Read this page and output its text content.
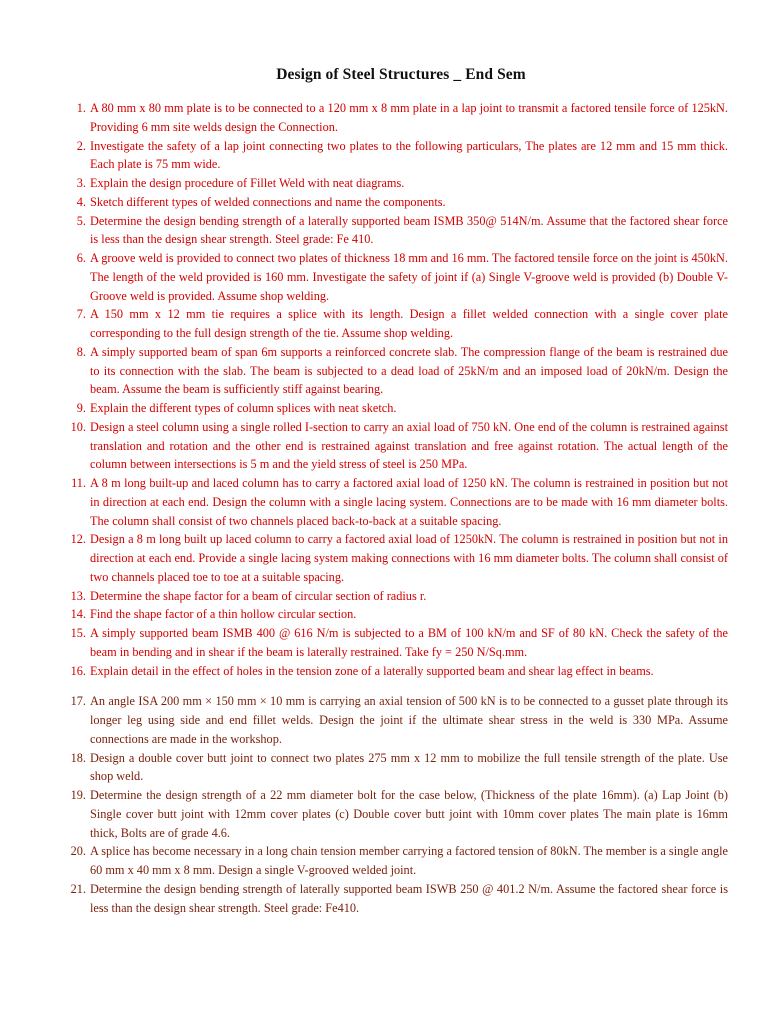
Design of Steel Structures _ End Sem
1 . A 80 mm x 80 mm plate is to be connected to a 120 mm x 8 mm plate in a lap joint to transmit a factored tensile force of 125kN. Providing 6 mm site welds design the Connection.
2 . Investigate the safety of a lap joint connecting two plates to the following particulars, The plates are 12 mm and 15 mm thick. Each plate is 75 mm wide.
3 . Explain the design procedure of Fillet Weld with neat diagrams.
4 . Sketch different types of welded connections and name the components.
5 . Determine the design bending strength of a laterally supported beam ISMB 350@ 514N/m. Assume that the factored shear force is less than the design shear strength. Steel grade: Fe 410.
6 . A groove weld is provided to connect two plates of thickness 18 mm and 16 mm. The factored tensile force on the joint is 450kN. The length of the weld provided is 160 mm. Investigate the safety of joint if (a) Single V-groove weld is provided (b) Double V-Groove weld is provided. Assume shop welding.
7 . A 150 mm x 12 mm tie requires a splice with its length. Design a fillet welded connection with a single cover plate corresponding to the full design strength of the tie. Assume shop welding.
8 . A simply supported beam of span 6m supports a reinforced concrete slab. The compression flange of the beam is restrained due to its connection with the slab. The beam is subjected to a dead load of 25kN/m and an imposed load of 20kN/m. Design the beam. Assume the beam is sufficiently stiff against bearing.
9 . Explain the different types of column splices with neat sketch.
10 . Design a steel column using a single rolled I-section to carry an axial load of 750 kN. One end of the column is restrained against translation and rotation and the other end is restrained against translation and free against rotation. The actual length of the column between intersections is 5 m and the yield stress of steel is 250 MPa.
11 . A 8 m long built-up and laced column has to carry a factored axial load of 1250 kN. The column is restrained in position but not in direction at each end. Design the column with a single lacing system. Connections are to be made with 16 mm diameter bolts. The column shall consist of two channels placed back-to-back at a suitable spacing.
12 . Design a 8 m long built up laced column to carry a factored axial load of 1250kN. The column is restrained in position but not in direction at each end. Provide a single lacing system making connections with 16 mm diameter bolts. The column shall consist of two channels placed toe to toe at a suitable spacing.
13 . Determine the shape factor for a beam of circular section of radius r.
14 . Find the shape factor of a thin hollow circular section.
15 . A simply supported beam ISMB 400 @ 616 N/m is subjected to a BM of 100 kN/m and SF of 80 kN. Check the safety of the beam in bending and in shear if the beam is laterally restrained. Take fy = 250 N/Sq.mm.
16 . Explain detail in the effect of holes in the tension zone of a laterally supported beam and shear lag effect in beams.
17 . An angle ISA 200 mm × 150 mm × 10 mm is carrying an axial tension of 500 kN is to be connected to a gusset plate through its longer leg using side and end fillet welds. Design the joint if the ultimate shear stress in the weld is 330 MPa. Assume connections are made in the workshop.
18 . Design a double cover butt joint to connect two plates 275 mm x 12 mm to mobilize the full tensile strength of the plate. Use shop weld.
19 . Determine the design strength of a 22 mm diameter bolt for the case below, (Thickness of the plate 16mm). (a) Lap Joint (b) Single cover butt joint with 12mm cover plates (c) Double cover butt joint with 10mm cover plates The main plate is 16mm thick, Bolts are of grade 4.6.
20 . A splice has become necessary in a long chain tension member carrying a factored tension of 80kN. The member is a single angle 60 mm x 40 mm x 8 mm. Design a single V-grooved welded joint.
21 . Determine the design bending strength of laterally supported beam ISWB 250 @ 401.2 N/m. Assume the factored shear force is less than the design shear strength. Steel grade: Fe410.
